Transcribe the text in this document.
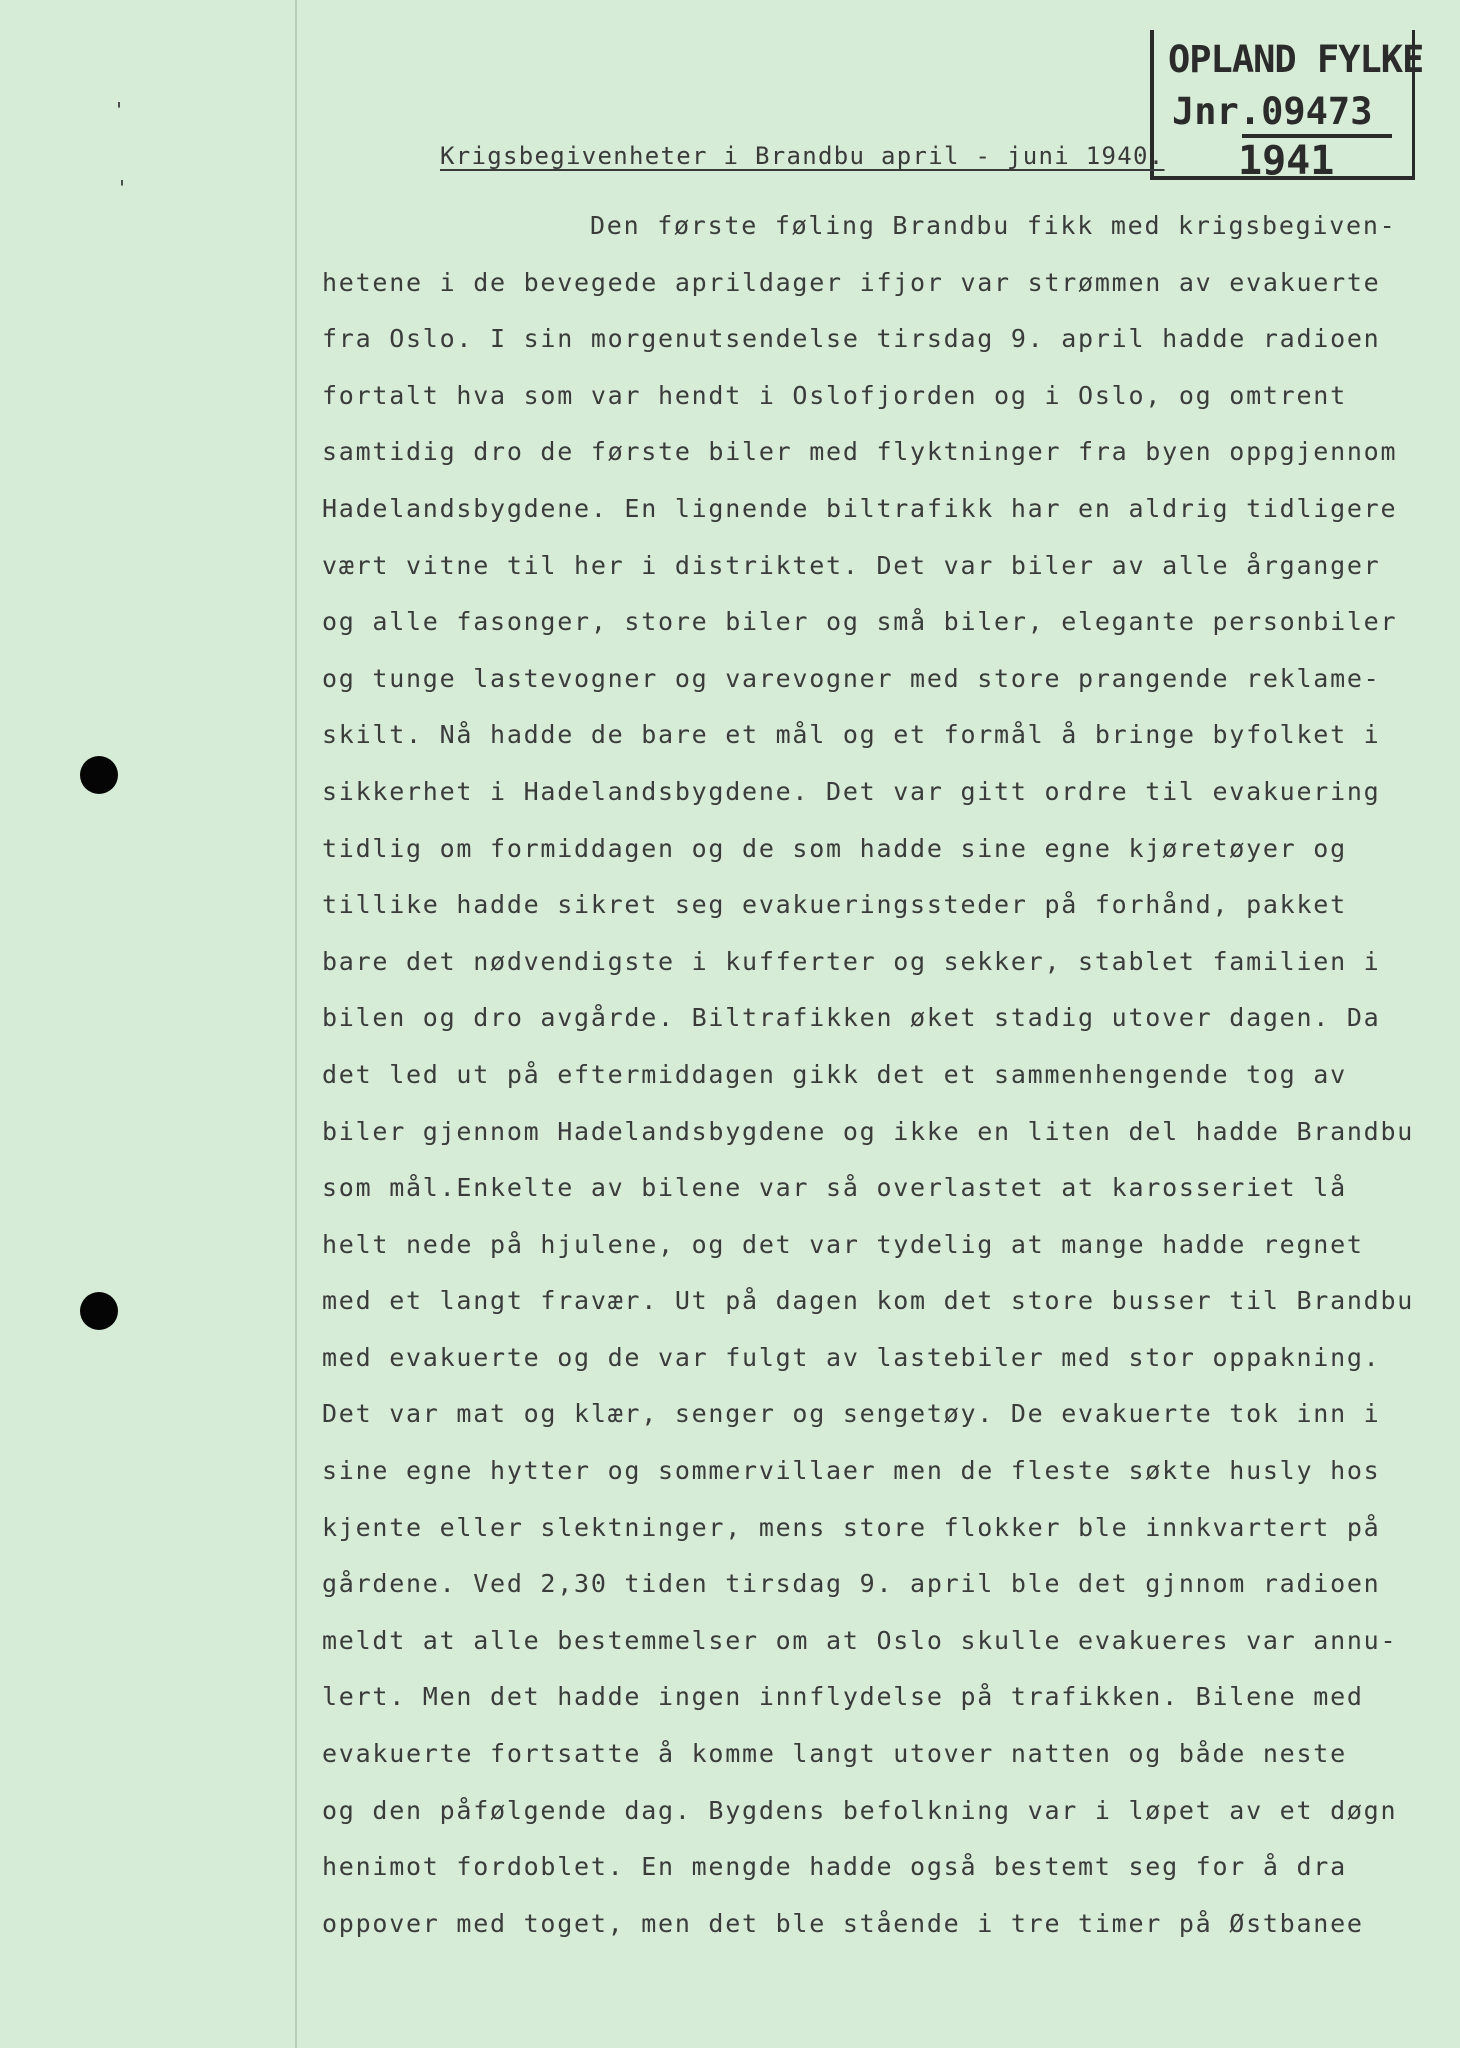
'
'
OPLAND FYLKE
Jnr.09473
1941
Krigsbegivenheter i Brandbu april - juni 1940.
Den første føling Brandbu fikk med krigsbegiven-
hetene i de bevegede aprildager ifjor var strømmen av evakuerte
fra Oslo. I sin morgenutsendelse tirsdag 9. april hadde radioen
fortalt hva som var hendt i Oslofjorden og i Oslo, og omtrent
samtidig dro de første biler med flyktninger fra byen oppgjennom
Hadelandsbygdene. En lignende biltrafikk har en aldrig tidligere
vært vitne til her i distriktet. Det var biler av alle årganger
og alle fasonger, store biler og små biler, elegante personbiler
og tunge lastevogner og varevogner med store prangende reklame-
skilt. Nå hadde de bare et mål og et formål å bringe byfolket i
sikkerhet i Hadelandsbygdene. Det var gitt ordre til evakuering
tidlig om formiddagen og de som hadde sine egne kjøretøyer og
tillike hadde sikret seg evakueringssteder på forhånd, pakket
bare det nødvendigste i kufferter og sekker, stablet familien i
bilen og dro avgårde. Biltrafikken øket stadig utover dagen. Da
det led ut på eftermiddagen gikk det et sammenhengende tog av
biler gjennom Hadelandsbygdene og ikke en liten del hadde Brandbu
som mål.Enkelte av bilene var så overlastet at karosseriet lå
helt nede på hjulene, og det var tydelig at mange hadde regnet
med et langt fravær. Ut på dagen kom det store busser til Brandbu
med evakuerte og de var fulgt av lastebiler med stor oppakning.
Det var mat og klær, senger og sengetøy. De evakuerte tok inn i
sine egne hytter og sommervillaer men de fleste søkte husly hos
kjente eller slektninger, mens store flokker ble innkvartert på
gårdene. Ved 2,30 tiden tirsdag 9. april ble det gjnnom radioen
meldt at alle bestemmelser om at Oslo skulle evakueres var annu-
lert. Men det hadde ingen innflydelse på trafikken. Bilene med
evakuerte fortsatte å komme langt utover natten og både neste
og den påfølgende dag. Bygdens befolkning var i løpet av et døgn
henimot fordoblet. En mengde hadde også bestemt seg for å dra
oppover med toget, men det ble stående i tre timer på Østbanee
